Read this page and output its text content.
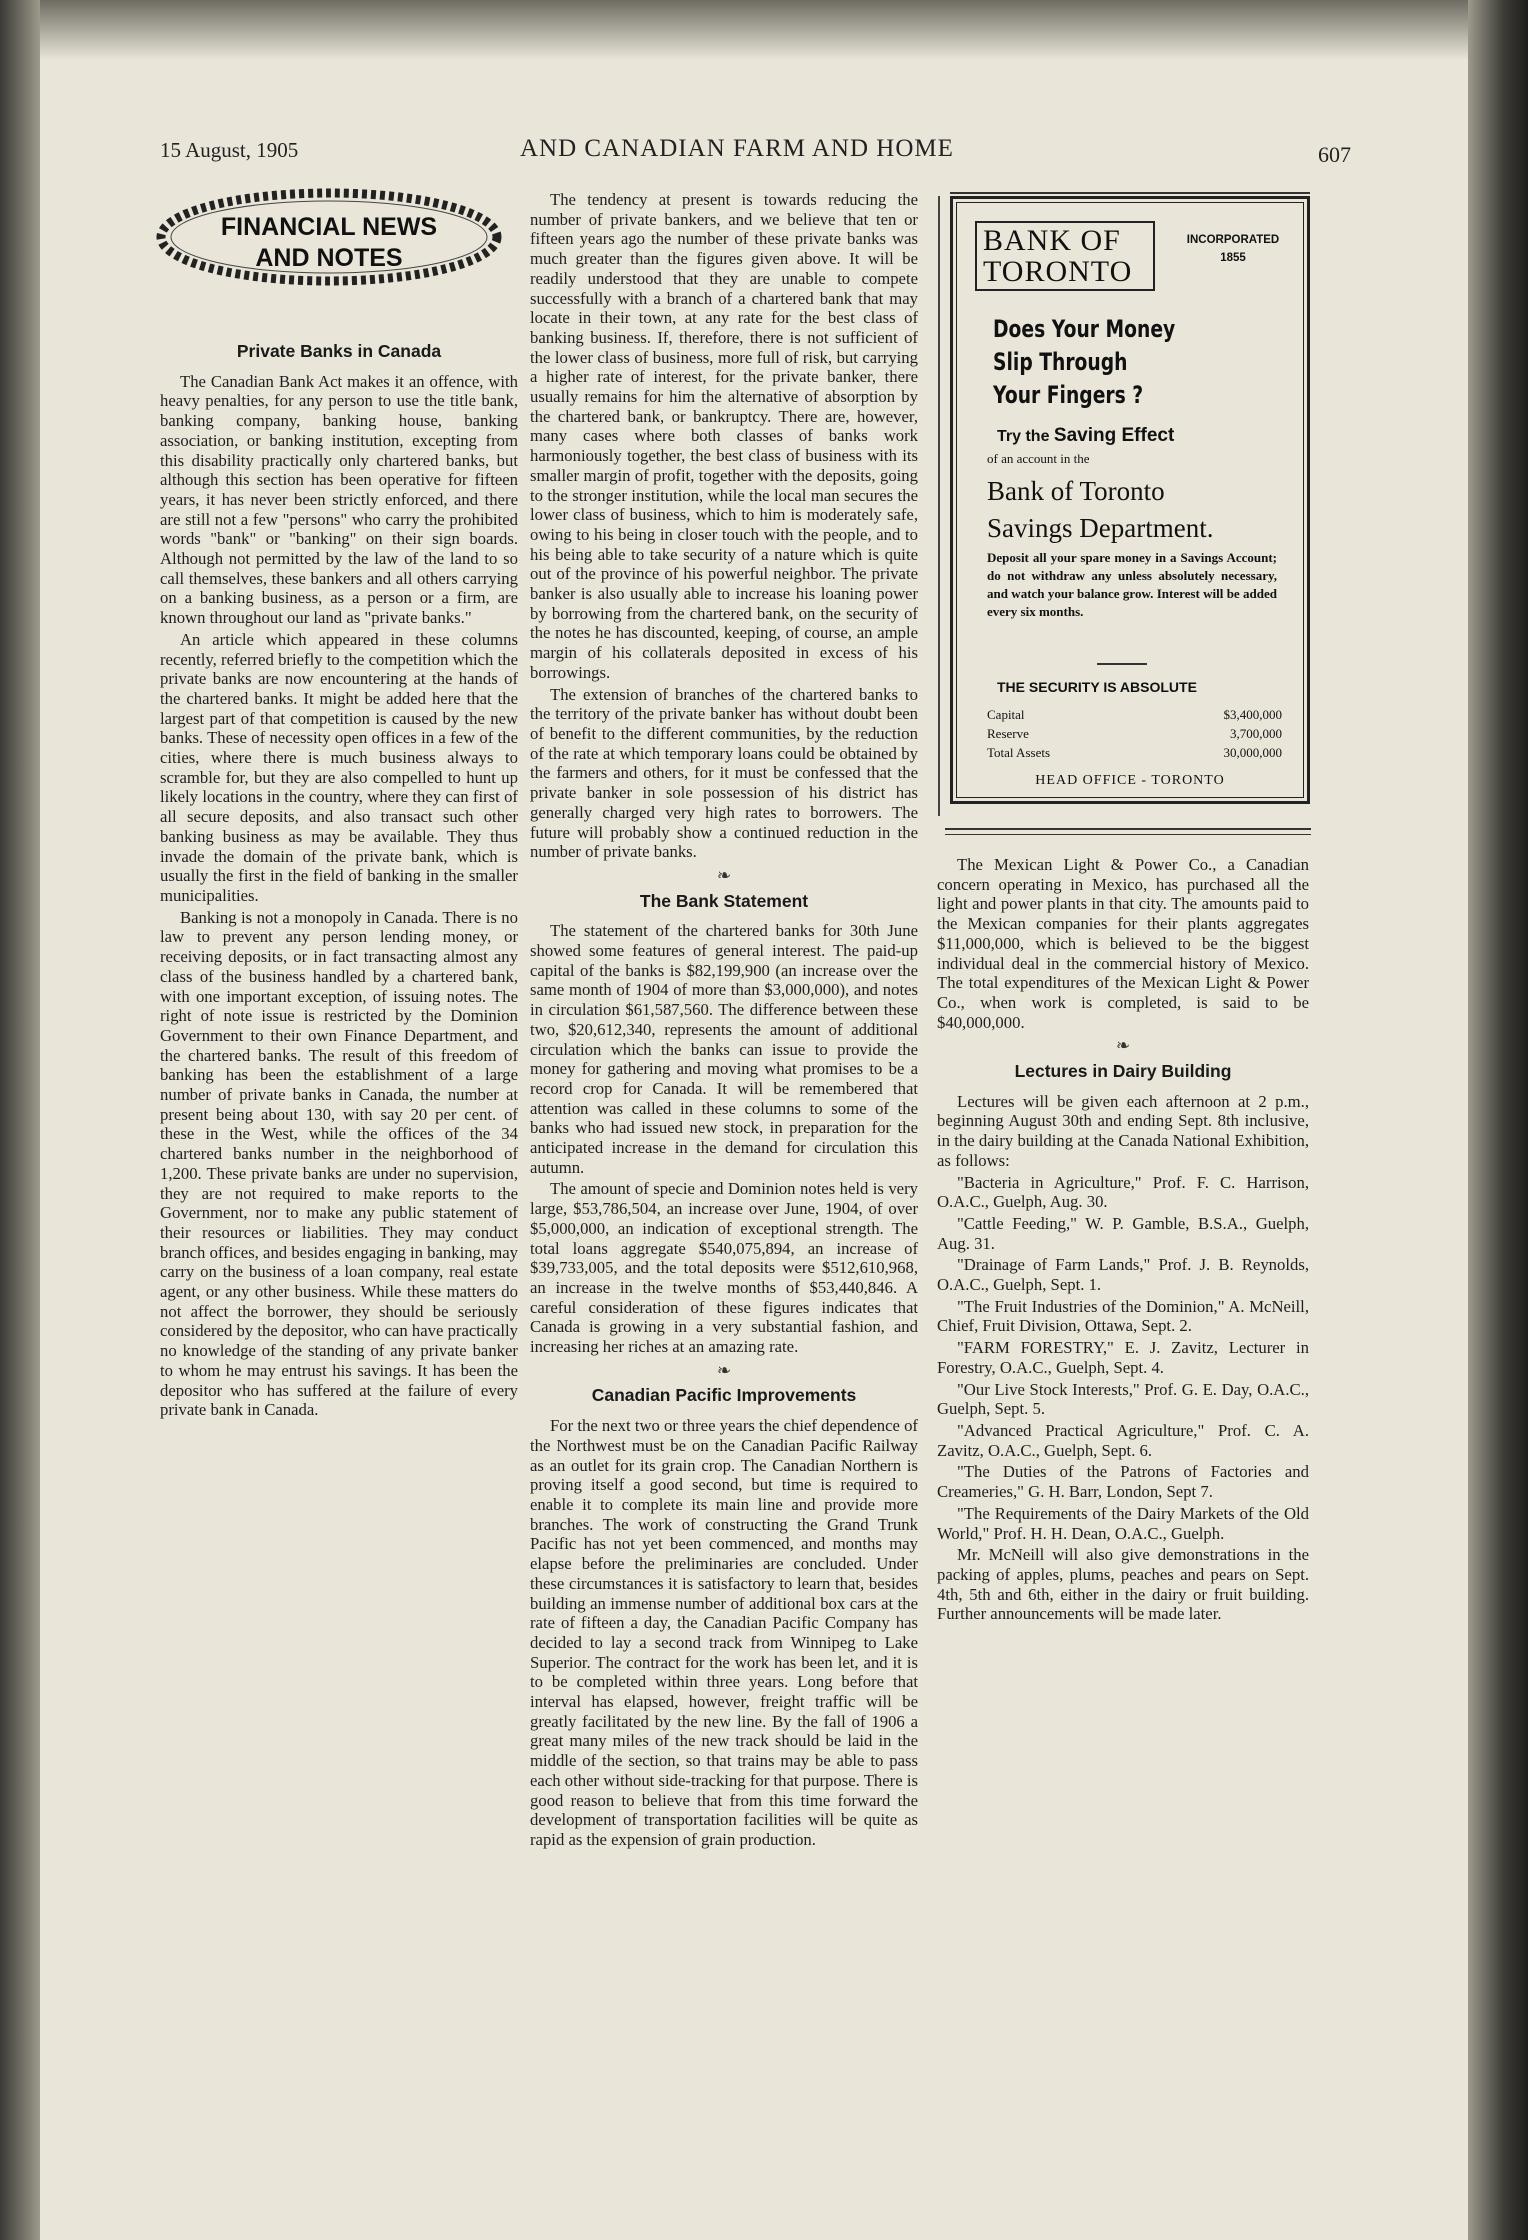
15 August, 1905	AND CANADIAN FARM AND HOME	607
FINANCIAL NEWS
AND NOTES
Private Banks in Canada

The Canadian Bank Act makes it an offence, with heavy penalties, for any person to use the title bank, banking company, banking house, banking association, or banking institution, excepting from this disability practically only chartered banks, but although this section has been operative for fifteen years, it has never been strictly enforced, and there are still not a few "persons" who carry the prohibited words "bank" or "banking" on their sign boards. Although not permitted by the law of the land to so call themselves, these bankers and all others carrying on a banking business, as a person or a firm, are known throughout our land as "private banks."

An article which appeared in these columns recently, referred briefly to the competition which the private banks are now encountering at the hands of the chartered banks. It might be added here that the largest part of that competition is caused by the new banks. These of necessity open offices in a few of the cities, where there is much business always to scramble for, but they are also compelled to hunt up likely locations in the country, where they can first of all secure deposits, and also transact such other banking business as may be available. They thus invade the domain of the private bank, which is usually the first in the field of banking in the smaller municipalities.

Banking is not a monopoly in Canada. There is no law to prevent any person lending money, or receiving deposits, or in fact transacting almost any class of the business handled by a chartered bank, with one important exception, of issuing notes. The right of note issue is restricted by the Dominion Government to their own Finance Department, and the chartered banks. The result of this freedom of banking has been the establishment of a large number of private banks in Canada, the number at present being about 130, with say 20 per cent. of these in the West, while the offices of the 34 chartered banks number in the neighborhood of 1,200. These private banks are under no supervision, they are not required to make reports to the Government, nor to make any public statement of their resources or liabilities. They may conduct branch offices, and besides engaging in banking, may carry on the business of a loan company, real estate agent, or any other business. While these matters do not affect the borrower, they should be seriously considered by the depositor, who can have practically no knowledge of the standing of any private banker to whom he may entrust his savings. It has been the depositor who has suffered at the failure of every private bank in Canada.

The tendency at present is towards reducing the number of private bankers, and we believe that ten or fifteen years ago the number of these private banks was much greater than the figures given above. It will be readily understood that they are unable to compete successfully with a branch of a chartered bank that may locate in their town, at any rate for the best class of banking business. If, therefore, there is not sufficient of the lower class of business, more full of risk, but carrying a higher rate of interest, for the private banker, there usually remains for him the alternative of absorption by the chartered bank, or bankruptcy. There are, however, many cases where both classes of banks work harmoniously together, the best class of business with its smaller margin of profit, together with the deposits, going to the stronger institution, while the local man secures the lower class of business, which to him is moderately safe, owing to his being in closer touch with the people, and to his being able to take security of a nature which is quite out of the province of his powerful neighbor. The private banker is also usually able to increase his loaning power by borrowing from the chartered bank, on the security of the notes he has discounted, keeping, of course, an ample margin of his collaterals deposited in excess of his borrowings.

The extension of branches of the chartered banks to the territory of the private banker has without doubt been of benefit to the different communities, by the reduction of the rate at which temporary loans could be obtained by the farmers and others, for it must be confessed that the private banker in sole possession of his district has generally charged very high rates to borrowers. The future will probably show a continued reduction in the number of private banks.

❧
The Bank Statement

The statement of the chartered banks for 30th June showed some features of general interest. The paid-up capital of the banks is $82,199,900 (an increase over the same month of 1904 of more than $3,000,000), and notes in circulation $61,587,560. The difference between these two, $20,612,340, represents the amount of additional circulation which the banks can issue to provide the money for gathering and moving what promises to be a record crop for Canada. It will be remembered that attention was called in these columns to some of the banks who had issued new stock, in preparation for the anticipated increase in the demand for circulation this autumn.

The amount of specie and Dominion notes held is very large, $53,786,504, an increase over June, 1904, of over $5,000,000, an indication of exceptional strength. The total loans aggregate $540,075,894, an increase of $39,733,005, and the total deposits were $512,610,968, an increase in the twelve months of $53,440,846. A careful consideration of these figures indicates that Canada is growing in a very substantial fashion, and increasing her riches at an amazing rate.

❧
Canadian Pacific Improvements

For the next two or three years the chief dependence of the Northwest must be on the Canadian Pacific Railway as an outlet for its grain crop. The Canadian Northern is proving itself a good second, but time is required to enable it to complete its main line and provide more branches. The work of constructing the Grand Trunk Pacific has not yet been commenced, and months may elapse before the preliminaries are concluded. Under these circumstances it is satisfactory to learn that, besides building an immense number of additional box cars at the rate of fifteen a day, the Canadian Pacific Company has decided to lay a second track from Winnipeg to Lake Superior. The contract for the work has been let, and it is to be completed within three years. Long before that interval has elapsed, however, freight traffic will be greatly facilitated by the new line. By the fall of 1906 a great many miles of the new track should be laid in the middle of the section, so that trains may be able to pass each other without side-tracking for that purpose. There is good reason to believe that from this time forward the development of transportation facilities will be quite as rapid as the expension of grain production.

BANK OF
TORONTO
INCORPORATED
1855
Does Your Money
Slip Through
Your Fingers ?
Try the Saving Effect
of an account in the
Bank of Toronto
Savings Department.
Deposit all your spare money in a Savings Account; do not withdraw any unless absolutely necessary, and watch your balance grow. Interest will be added every six months.
THE SECURITY IS ABSOLUTE
Capital	$3,400,000
Reserve	3,700,000
Total Assets	30,000,000
HEAD OFFICE - TORONTO

The Mexican Light & Power Co., a Canadian concern operating in Mexico, has purchased all the light and power plants in that city. The amounts paid to the Mexican companies for their plants aggregates $11,000,000, which is believed to be the biggest individual deal in the commercial history of Mexico. The total expenditures of the Mexican Light & Power Co., when work is completed, is said to be $40,000,000.

❧
Lectures in Dairy Building

Lectures will be given each afternoon at 2 p.m., beginning August 30th and ending Sept. 8th inclusive, in the dairy building at the Canada National Exhibition, as follows:

"Bacteria in Agriculture," Prof. F. C. Harrison, O.A.C., Guelph, Aug. 30.

"Cattle Feeding," W. P. Gamble, B.S.A., Guelph, Aug. 31.

"Drainage of Farm Lands," Prof. J. B. Reynolds, O.A.C., Guelph, Sept. 1.

"The Fruit Industries of the Dominion," A. McNeill, Chief, Fruit Division, Ottawa, Sept. 2.

"FARM FORESTRY," E. J. Zavitz, Lecturer in Forestry, O.A.C., Guelph, Sept. 4.

"Our Live Stock Interests," Prof. G. E. Day, O.A.C., Guelph, Sept. 5.

"Advanced Practical Agriculture," Prof. C. A. Zavitz, O.A.C., Guelph, Sept. 6.

"The Duties of the Patrons of Factories and Creameries," G. H. Barr, London, Sept 7.

"The Requirements of the Dairy Markets of the Old World," Prof. H. H. Dean, O.A.C., Guelph.

Mr. McNeill will also give demonstrations in the packing of apples, plums, peaches and pears on Sept. 4th, 5th and 6th, either in the dairy or fruit building. Further announcements will be made later.
